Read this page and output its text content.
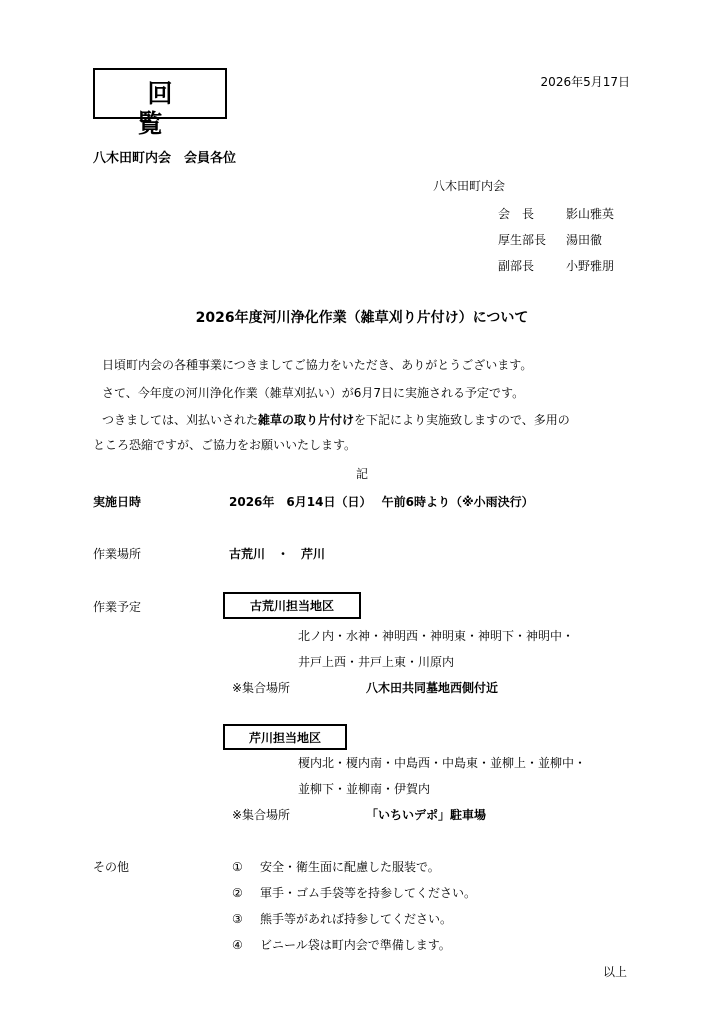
回 覧
2026年5月17日
八木田町内会　会員各位
八木田町内会
会　長	影山雅英
厚生部長 湯田徹
副部長	小野雅朋
2026年度河川浄化作業（雑草刈り片付け）について
日頃町内会の各種事業につきましてご協力をいただき、ありがとうございます。
さて、今年度の河川浄化作業（雑草刈払い）が6月7日に実施される予定です。
つきましては、刈払いされた雑草の取り片付けを下記により実施致しますので、多用の
ところ恐縮ですが、ご協力をお願いいたします。
記
実施日時	2026年　6月14日（日）　 午前6時より（※小雨決行）
作業場所	古荒川　・　芹川
作業予定	古荒川担当地区
北ノ内・水神・神明西・神明東・神明下・神明中・
井戸上西・井戸上東・川原内
※集合場所	八木田共同墓地西側付近
芹川担当地区
榎内北・榎内南・中島西・中島東・並柳上・並柳中・
並柳下・並柳南・伊賀内
※集合場所	「いちいデポ」駐車場
その他	① 安全・衛生面に配慮した服装で。
② 軍手・ゴム手袋等を持参してください。
③ 熊手等があれば持参してください。
④ ビニール袋は町内会で準備します。
以上
